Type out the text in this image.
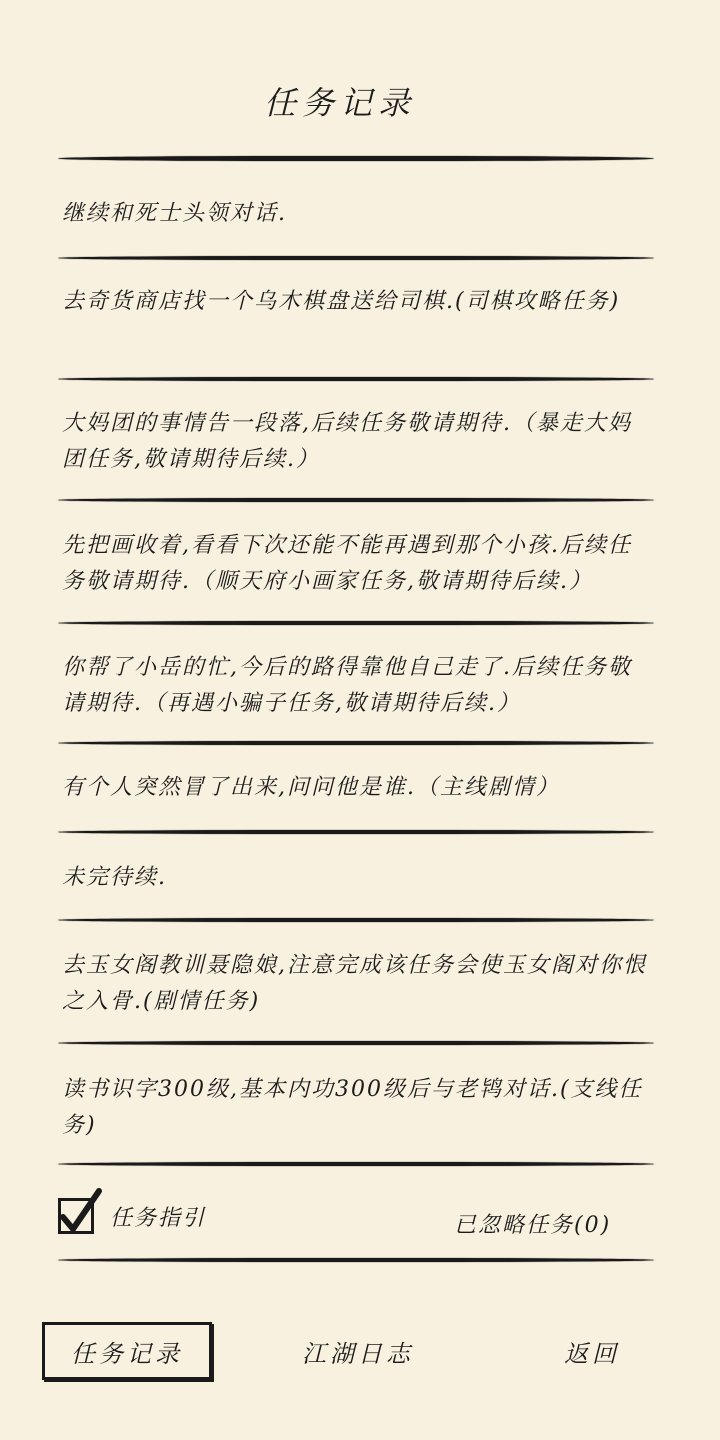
任务记录
继续和死士头领对话.
去奇货商店找一个乌木棋盘送给司棋.(司棋攻略任务)
大妈团的事情告一段落,后续任务敬请期待.（暴走大妈团任务,敬请期待后续.）
先把画收着,看看下次还能不能再遇到那个小孩.后续任务敬请期待.（顺天府小画家任务,敬请期待后续.）
你帮了小岳的忙,今后的路得靠他自己走了.后续任务敬请期待.（再遇小骗子任务,敬请期待后续.）
有个人突然冒了出来,问问他是谁.（主线剧情）
未完待续.
去玉女阁教训聂隐娘,注意完成该任务会使玉女阁对你恨之入骨.(剧情任务)
读书识字300级,基本内功300级后与老鸨对话.(支线任务)
任务指引	已忽略任务(0)
任务记录	江湖日志	返回
